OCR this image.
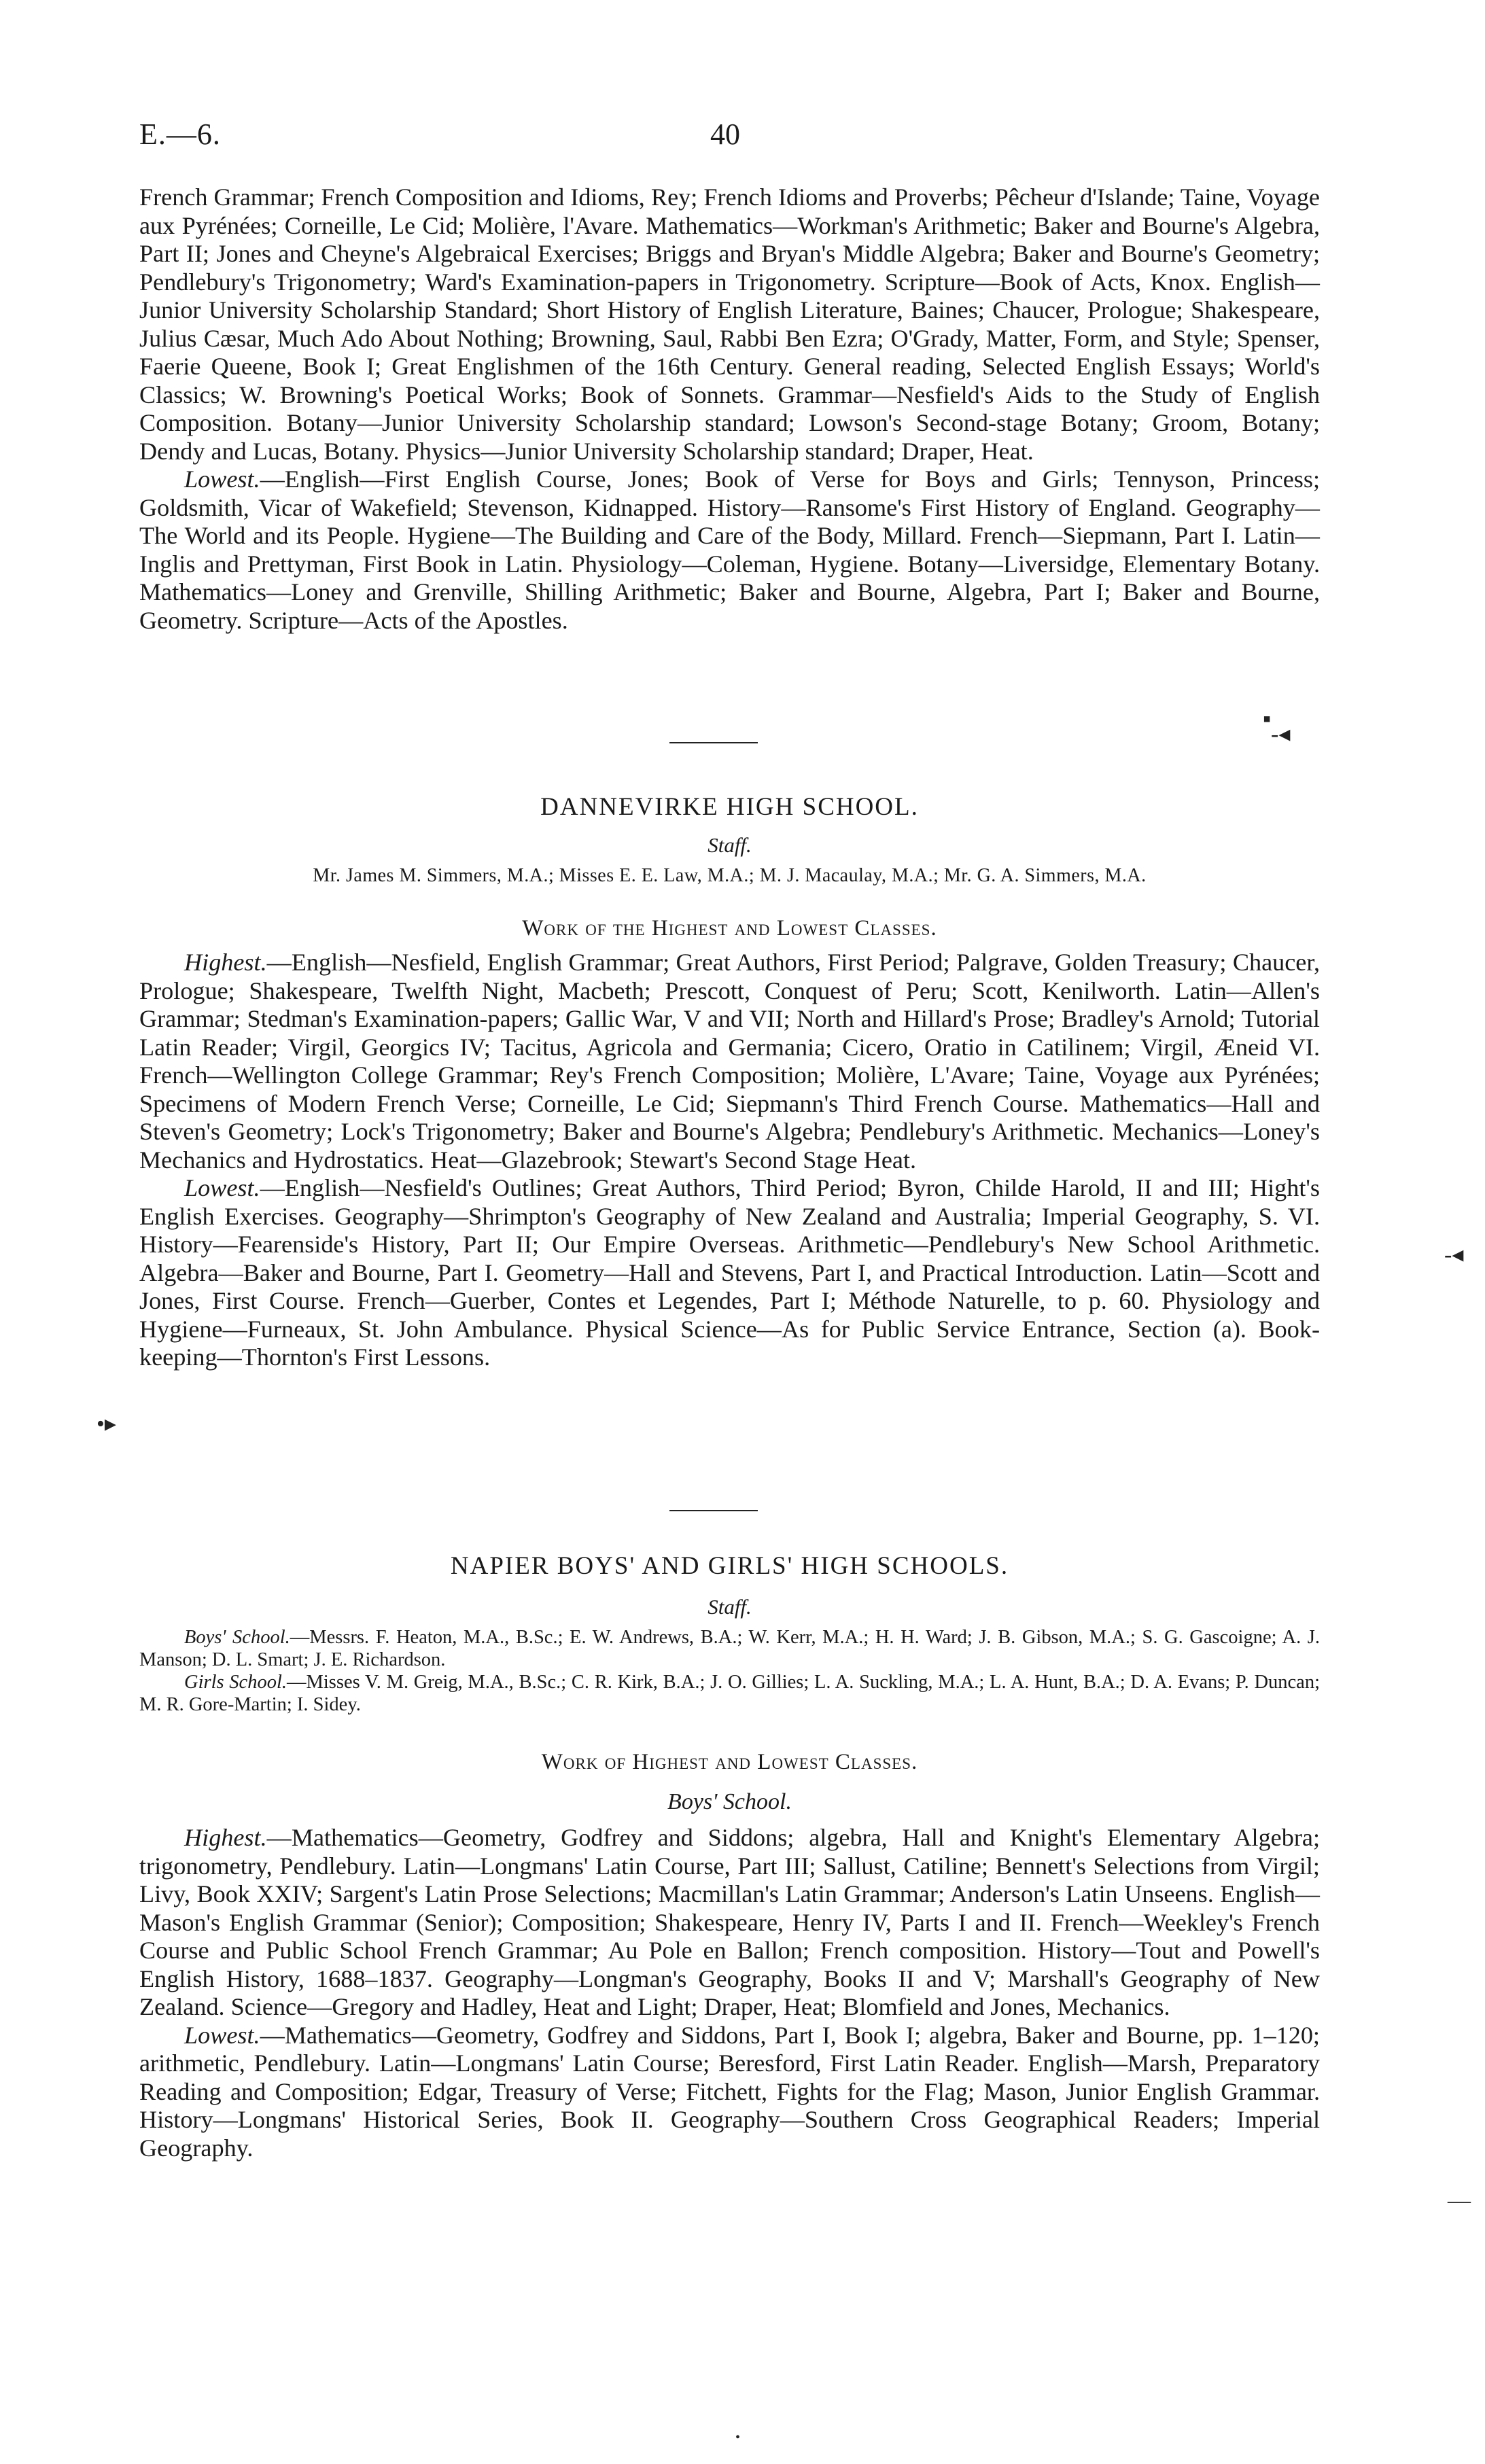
E.—6.	40

French Grammar; French Composition and Idioms, Rey; French Idioms and Proverbs; Pêcheur d'Islande; Taine, Voyage aux Pyrénées; Corneille, Le Cid; Molière, l'Avare. Mathematics—Workman's Arithmetic; Baker and Bourne's Algebra, Part II; Jones and Cheyne's Algebraical Exercises; Briggs and Bryan's Middle Algebra; Baker and Bourne's Geometry; Pendlebury's Trigonometry; Ward's Examination-papers in Trigonometry. Scripture—Book of Acts, Knox. English—Junior University Scholarship Standard; Short History of English Literature, Baines; Chaucer, Prologue; Shakespeare, Julius Cæsar, Much Ado About Nothing; Browning, Saul, Rabbi Ben Ezra; O'Grady, Matter, Form, and Style; Spenser, Faerie Queene, Book I; Great Englishmen of the 16th Century. General reading, Selected English Essays; World's Classics; W. Browning's Poetical Works; Book of Sonnets. Grammar—Nesfield's Aids to the Study of English Composition. Botany—Junior University Scholarship standard; Lowson's Second-stage Botany; Groom, Botany; Dendy and Lucas, Botany. Physics—Junior University Scholarship standard; Draper, Heat.

Lowest.—English—First English Course, Jones; Book of Verse for Boys and Girls; Tennyson, Princess; Goldsmith, Vicar of Wakefield; Stevenson, Kidnapped. History—Ransome's First History of England. Geography—The World and its People. Hygiene—The Building and Care of the Body, Millard. French—Siepmann, Part I. Latin—Inglis and Prettyman, First Book in Latin. Physiology—Coleman, Hygiene. Botany—Liversidge, Elementary Botany. Mathematics—Loney and Grenville, Shilling Arithmetic; Baker and Bourne, Algebra, Part I; Baker and Bourne, Geometry. Scripture—Acts of the Apostles.

▪
-◂

DANNEVIRKE HIGH SCHOOL.

Staff.

Mr. James M. Simmers, M.A.; Misses E. E. Law, M.A.; M. J. Macaulay, M.A.; Mr. G. A. Simmers, M.A.

Work of the Highest and Lowest Classes.

Highest.—English—Nesfield, English Grammar; Great Authors, First Period; Palgrave, Golden Treasury; Chaucer, Prologue; Shakespeare, Twelfth Night, Macbeth; Prescott, Conquest of Peru; Scott, Kenilworth. Latin—Allen's Grammar; Stedman's Examination-papers; Gallic War, V and VII; North and Hillard's Prose; Bradley's Arnold; Tutorial Latin Reader; Virgil, Georgics IV; Tacitus, Agricola and Germania; Cicero, Oratio in Catilinem; Virgil, Æneid VI. French—Wellington College Grammar; Rey's French Composition; Molière, L'Avare; Taine, Voyage aux Pyrénées; Specimens of Modern French Verse; Corneille, Le Cid; Siepmann's Third French Course. Mathematics—Hall and Steven's Geometry; Lock's Trigonometry; Baker and Bourne's Algebra; Pendlebury's Arithmetic. Mechanics—Loney's Mechanics and Hydrostatics. Heat—Glazebrook; Stewart's Second Stage Heat.

Lowest.—English—Nesfield's Outlines; Great Authors, Third Period; Byron, Childe Harold, II and III; Hight's English Exercises. Geography—Shrimpton's Geography of New Zealand and Australia; Imperial Geography, S. VI. History—Fearenside's History, Part II; Our Empire Overseas. Arithmetic—Pendlebury's New School Arithmetic. Algebra—Baker and Bourne, Part I. Geometry—Hall and Stevens, Part I, and Practical Introduction. Latin—Scott and Jones, First Course. French—Guerber, Contes et Legendes, Part I; Méthode Naturelle, to p. 60. Physiology and Hygiene—Furneaux, St. John Ambulance. Physical Science—As for Public Service Entrance, Section (a). Book-keeping—Thornton's First Lessons.

-◂
•▸

NAPIER BOYS' AND GIRLS' HIGH SCHOOLS.

Staff.

Boys' School.—Messrs. F. Heaton, M.A., B.Sc.; E. W. Andrews, B.A.; W. Kerr, M.A.; H. H. Ward; J. B. Gibson, M.A.; S. G. Gascoigne; A. J. Manson; D. L. Smart; J. E. Richardson.

Girls School.—Misses V. M. Greig, M.A., B.Sc.; C. R. Kirk, B.A.; J. O. Gillies; L. A. Suckling, M.A.; L. A. Hunt, B.A.; D. A. Evans; P. Duncan; M. R. Gore-Martin; I. Sidey.

Work of Highest and Lowest Classes.

Boys' School.

Highest.—Mathematics—Geometry, Godfrey and Siddons; algebra, Hall and Knight's Elementary Algebra; trigonometry, Pendlebury. Latin—Longmans' Latin Course, Part III; Sallust, Catiline; Bennett's Selections from Virgil; Livy, Book XXIV; Sargent's Latin Prose Selections; Macmillan's Latin Grammar; Anderson's Latin Unseens. English—Mason's English Grammar (Senior); Composition; Shakespeare, Henry IV, Parts I and II. French—Weekley's French Course and Public School French Grammar; Au Pole en Ballon; French composition. History—Tout and Powell's English History, 1688–1837. Geography—Longman's Geography, Books II and V; Marshall's Geography of New Zealand. Science—Gregory and Hadley, Heat and Light; Draper, Heat; Blomfield and Jones, Mechanics.

Lowest.—Mathematics—Geometry, Godfrey and Siddons, Part I, Book I; algebra, Baker and Bourne, pp. 1–120; arithmetic, Pendlebury. Latin—Longmans' Latin Course; Beresford, First Latin Reader. English—Marsh, Preparatory Reading and Composition; Edgar, Treasury of Verse; Fitchett, Fights for the Flag; Mason, Junior English Grammar. History—Longmans' Historical Series, Book II. Geography—Southern Cross Geographical Readers; Imperial Geography.

—
•
